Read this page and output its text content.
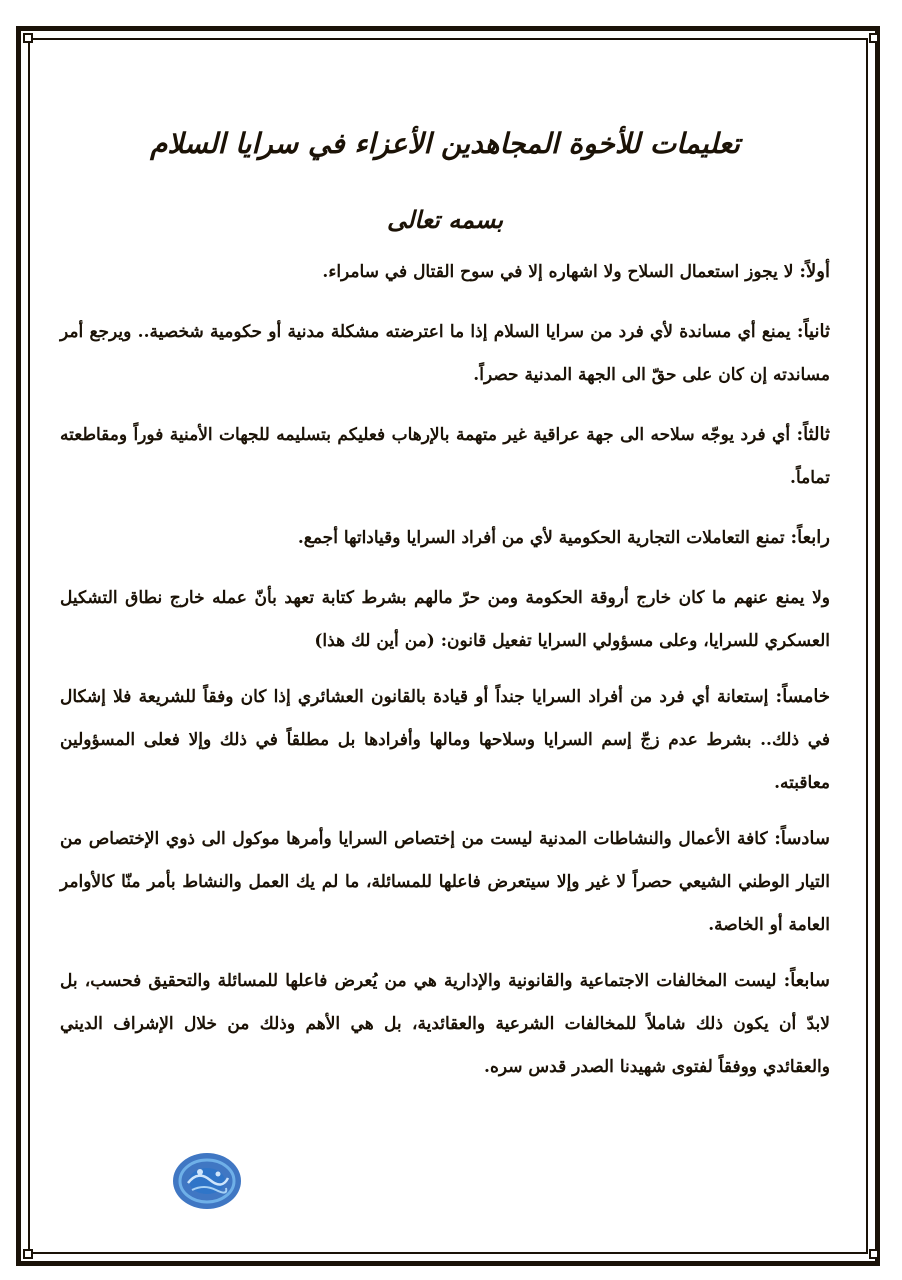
تعليمات للأخوة المجاهدين الأعزاء في سرايا السلام
بسمه تعالى

أولاً: لا يجوز استعمال السلاح ولا اشهاره إلا في سوح القتال في سامراء.

ثانياً: يمنع أي مساندة لأي فرد من سرايا السلام إذا ما اعترضته مشكلة مدنية أو حكومية شخصية.. ويرجع أمر مساندته إن كان على حقّ الى الجهة المدنية حصراً.

ثالثاً: أي فرد يوجّه سلاحه الى جهة عراقية غير متهمة بالإرهاب فعليكم بتسليمه للجهات الأمنية فوراً ومقاطعته تماماً.

رابعاً: تمنع التعاملات التجارية الحكومية لأي من أفراد السرايا وقياداتها أجمع.

ولا يمنع عنهم ما كان خارج أروقة الحكومة ومن حرّ مالهم بشرط كتابة تعهد بأنّ عمله خارج نطاق التشكيل العسكري للسرايا، وعلى مسؤولي السرايا تفعيل قانون: (من أين لك هذا)

خامساً: إستعانة أي فرد من أفراد السرايا جنداً أو قيادة بالقانون العشائري إذا كان وفقاً للشريعة فلا إشكال في ذلك.. بشرط عدم زجّ إسم السرايا وسلاحها ومالها وأفرادها بل مطلقاً في ذلك وإلا فعلى المسؤولين معاقبته.

سادساً: كافة الأعمال والنشاطات المدنية ليست من إختصاص السرايا وأمرها موكول الى ذوي الإختصاص من التيار الوطني الشيعي حصراً لا غير وإلا سيتعرض فاعلها للمسائلة، ما لم يك العمل والنشاط بأمر منّا كالأوامر العامة أو الخاصة.

سابعاً: ليست المخالفات الاجتماعية والقانونية والإدارية هي من يُعرض فاعلها للمسائلة والتحقيق فحسب، بل لابدّ أن يكون ذلك شاملاً للمخالفات الشرعية والعقائدية، بل هي الأهم وذلك من خلال الإشراف الديني والعقائدي ووفقاً لفتوى شهيدنا الصدر قدس سره.
